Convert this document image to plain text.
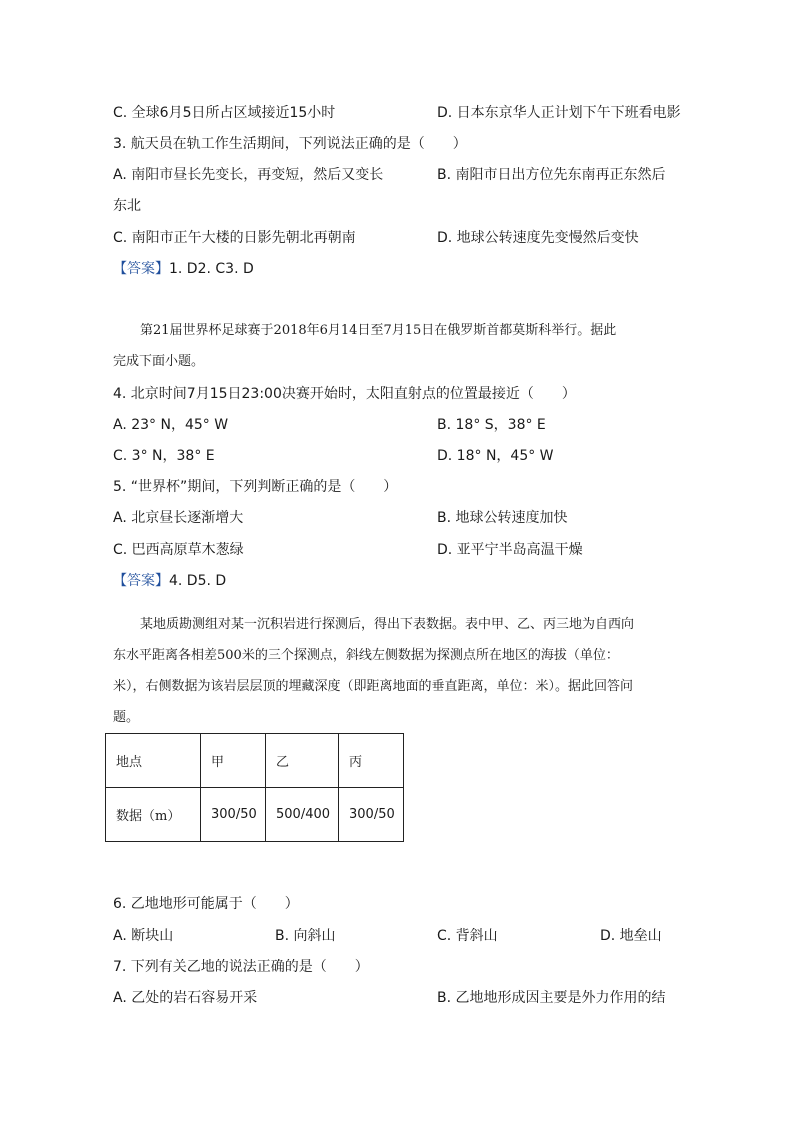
C. 全球6月5日所占区域接近15小时	D. 日本东京华人正计划下午下班看电影
3. 航天员在轨工作生活期间，下列说法正确的是（　　）
A. 南阳市昼长先变长，再变短，然后又变长	B. 南阳市日出方位先东南再正东然后
东北
C. 南阳市正午大楼的日影先朝北再朝南	D. 地球公转速度先变慢然后变快
【答案】1. D2. C3. D
第21届世界杯足球赛于2018年6月14日至7月15日在俄罗斯首都莫斯科举行。据此
完成下面小题。
4. 北京时间7月15日23:00决赛开始时，太阳直射点的位置最接近（　　）
A. 23° N，45° W	B. 18° S，38° E
C. 3° N，38° E	D. 18° N，45° W
5. “世界杯”期间，下列判断正确的是（　　）
A. 北京昼长逐渐增大	B. 地球公转速度加快
C. 巴西高原草木葱绿	D. 亚平宁半岛高温干燥
【答案】4. D5. D
某地质勘测组对某一沉积岩进行探测后，得出下表数据。表中甲、乙、丙三地为自西向
东水平距离各相差500米的三个探测点，斜线左侧数据为探测点所在地区的海拔（单位：
米），右侧数据为该岩层层顶的埋藏深度（即距离地面的垂直距离，单位：米）。据此回答问
题。
地点	甲	乙	丙
数据（m）	300/50	500/400	300/50
6. 乙地地形可能属于（　　）
A. 断块山	B. 向斜山	C. 背斜山	D. 地垒山
7. 下列有关乙地的说法正确的是（　　）
A. 乙处的岩石容易开采	B. 乙地地形成因主要是外力作用的结
